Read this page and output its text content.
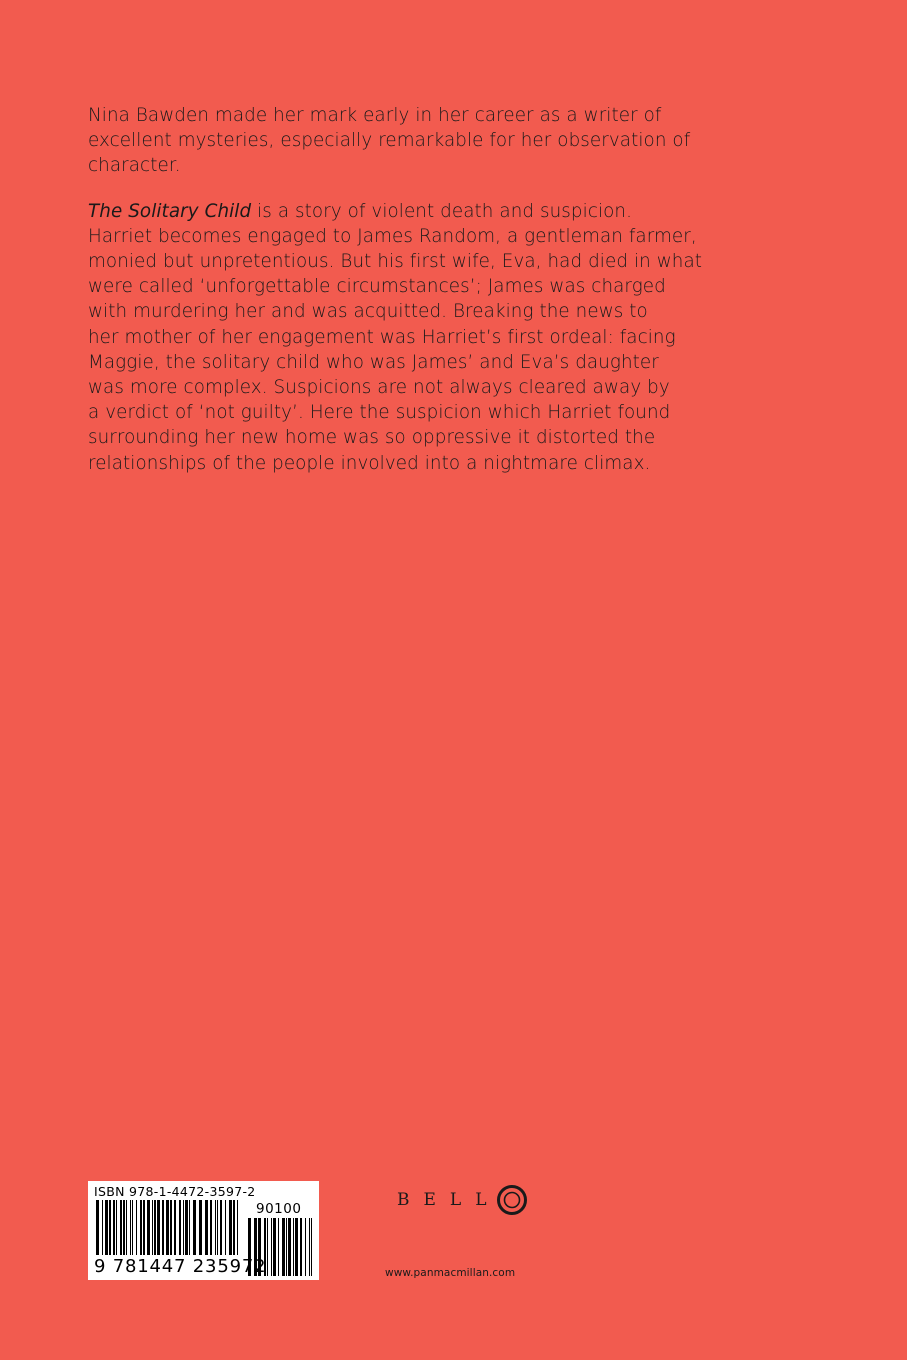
Nina Bawden made her mark early in her career as a writer of
excellent mysteries, especially remarkable for her observation of
character.

The Solitary Child is a story of violent death and suspicion.
Harriet becomes engaged to James Random, a gentleman farmer,
monied but unpretentious. But his first wife, Eva, had died in what
were called ‘unforgettable circumstances’; James was charged
with murdering her and was acquitted. Breaking the news to
her mother of her engagement was Harriet’s first ordeal: facing
Maggie, the solitary child who was James’ and Eva’s daughter
was more complex. Suspicions are not always cleared away by
a verdict of ‘not guilty’. Here the suspicion which Harriet found
surrounding her new home was so oppressive it distorted the
relationships of the people involved into a nightmare climax.

ISBN 978-1-4472-3597-2
90100
9 781447 235972
BELL
www.panmacmillan.com
